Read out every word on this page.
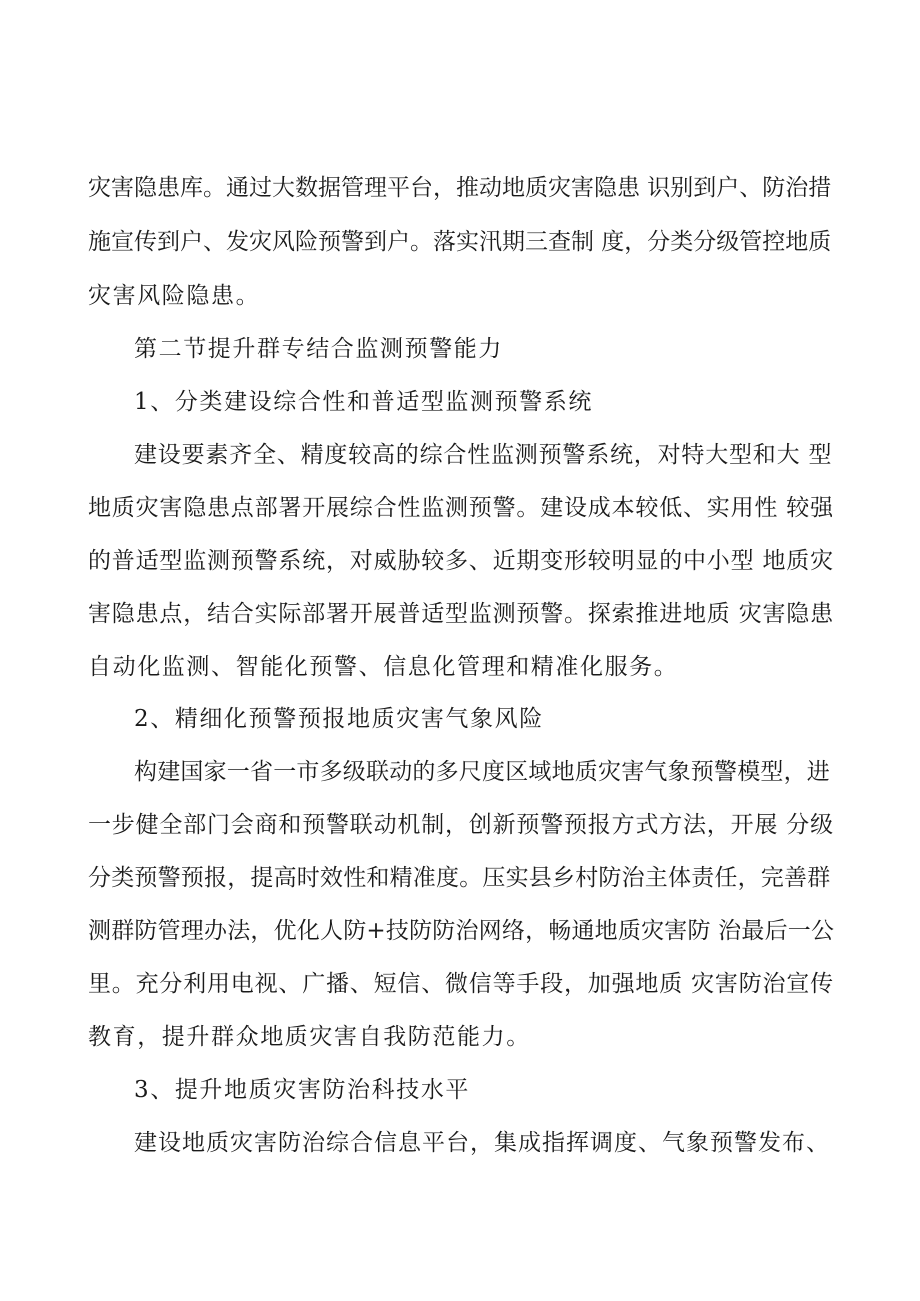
灾害隐患库。通过大数据管理平台，推动地质灾害隐患 识别到户、防治措
施宣传到户、发灾风险预警到户。落实汛期三查制 度，分类分级管控地质
灾害风险隐患。
第二节提升群专结合监测预警能力
1、分类建设综合性和普适型监测预警系统
建设要素齐全、精度较高的综合性监测预警系统，对特大型和大 型
地质灾害隐患点部署开展综合性监测预警。建设成本较低、实用性 较强
的普适型监测预警系统，对威胁较多、近期变形较明显的中小型 地质灾
害隐患点，结合实际部署开展普适型监测预警。探索推进地质 灾害隐患
自动化监测、智能化预警、信息化管理和精准化服务。
2、精细化预警预报地质灾害气象风险
构建国家一省一市多级联动的多尺度区域地质灾害气象预警模型，进
一步健全部门会商和预警联动机制，创新预警预报方式方法，开展 分级
分类预警预报，提高时效性和精准度。压实县乡村防治主体责任，完善群
测群防管理办法，优化人防+技防防治网络，畅通地质灾害防 治最后一公
里。充分利用电视、广播、短信、微信等手段，加强地质 灾害防治宣传
教育，提升群众地质灾害自我防范能力。
3、提升地质灾害防治科技水平
建设地质灾害防治综合信息平台，集成指挥调度、气象预警发布、
